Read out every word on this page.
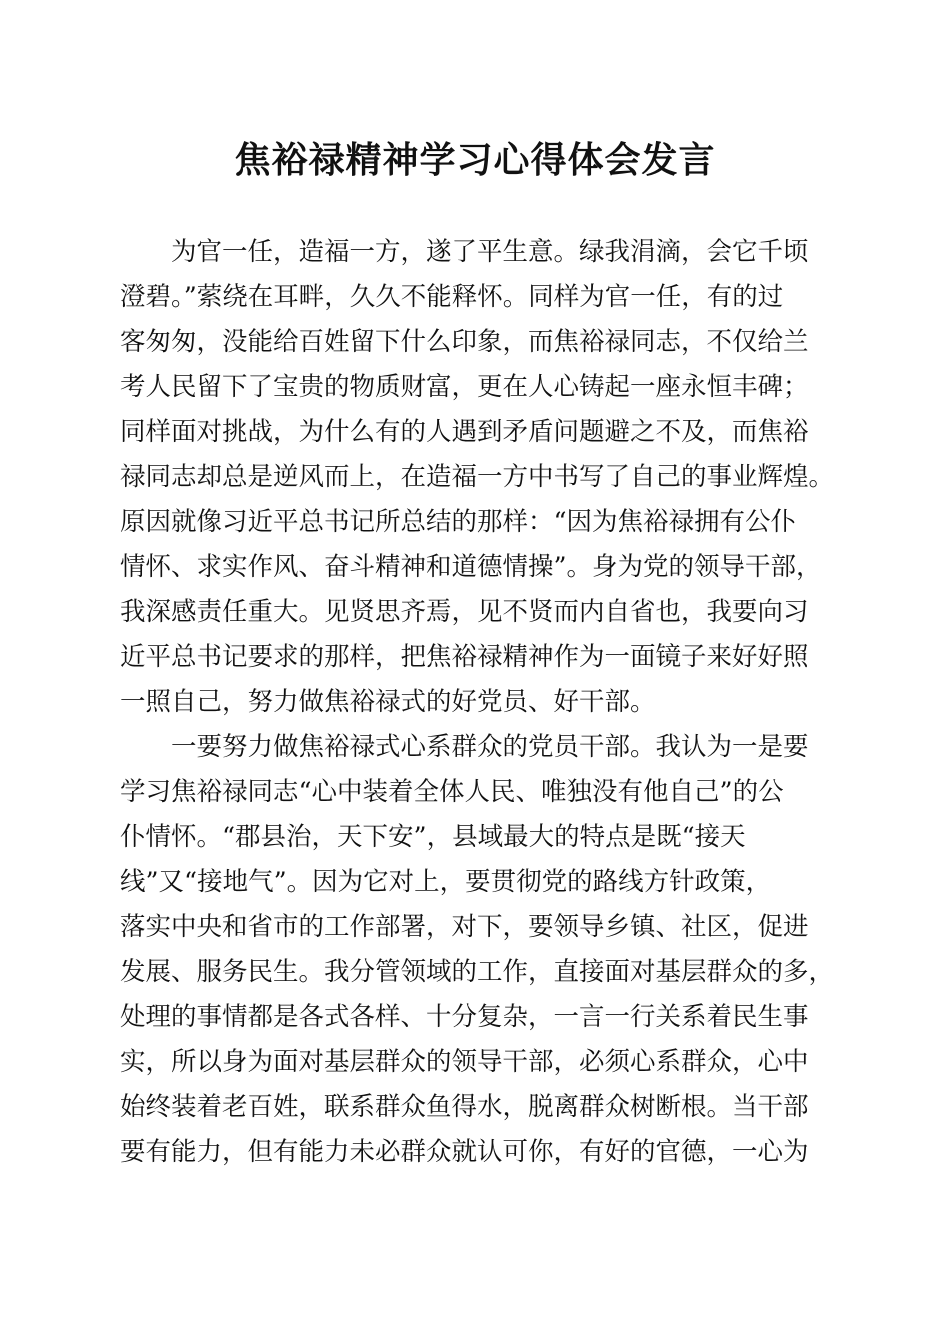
焦裕禄精神学习心得体会发言
为官一任，造福一方，遂了平生意。绿我涓滴，会它千顷
澄碧。”萦绕在耳畔，久久不能释怀。同样为官一任，有的过
客匆匆，没能给百姓留下什么印象，而焦裕禄同志，不仅给兰
考人民留下了宝贵的物质财富，更在人心铸起一座永恒丰碑；
同样面对挑战，为什么有的人遇到矛盾问题避之不及，而焦裕
禄同志却总是逆风而上，在造福一方中书写了自己的事业辉煌。
原因就像习近平总书记所总结的那样：“因为焦裕禄拥有公仆
情怀、求实作风、奋斗精神和道德情操”。身为党的领导干部，
我深感责任重大。见贤思齐焉，见不贤而内自省也，我要向习
近平总书记要求的那样，把焦裕禄精神作为一面镜子来好好照
一照自己，努力做焦裕禄式的好党员、好干部。
一要努力做焦裕禄式心系群众的党员干部。我认为一是要
学习焦裕禄同志“心中装着全体人民、唯独没有他自己”的公
仆情怀。“郡县治，天下安”，县域最大的特点是既“接天
线”又“接地气”。因为它对上，要贯彻党的路线方针政策，
落实中央和省市的工作部署，对下，要领导乡镇、社区，促进
发展、服务民生。我分管领域的工作，直接面对基层群众的多，
处理的事情都是各式各样、十分复杂，一言一行关系着民生事
实，所以身为面对基层群众的领导干部，必须心系群众，心中
始终装着老百姓，联系群众鱼得水，脱离群众树断根。当干部
要有能力，但有能力未必群众就认可你，有好的官德，一心为
